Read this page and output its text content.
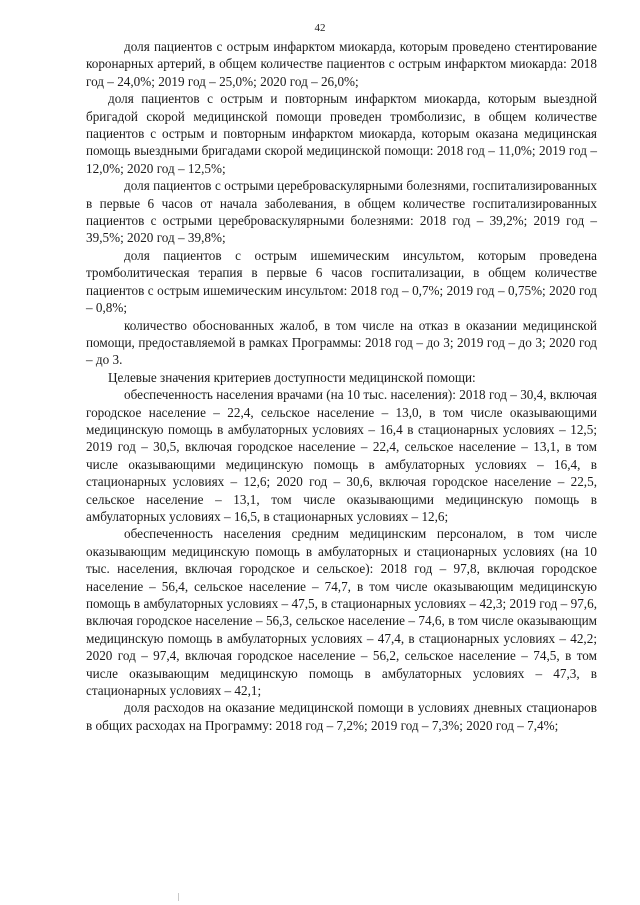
42

доля пациентов с острым инфарктом миокарда, которым проведено стентирование коронарных артерий, в общем количестве пациентов с острым инфарктом миокарда: 2018 год – 24,0%; 2019 год – 25,0%; 2020 год – 26,0%;

доля пациентов с острым и повторным инфарктом миокарда, которым выездной бригадой скорой медицинской помощи проведен тромболизис, в общем количестве пациентов с острым и повторным инфарктом миокарда, которым оказана медицинская помощь выездными бригадами скорой медицинской помощи: 2018 год – 11,0%; 2019 год – 12,0%; 2020 год – 12,5%;

доля пациентов с острыми цереброваскулярными болезнями, госпитализированных в первые 6 часов от начала заболевания, в общем количестве госпитализированных пациентов с острыми цереброваскулярными болезнями: 2018 год – 39,2%; 2019 год – 39,5%; 2020 год – 39,8%;

доля пациентов с острым ишемическим инсультом, которым проведена тромболитическая терапия в первые 6 часов госпитализации, в общем количестве пациентов с острым ишемическим инсультом: 2018 год – 0,7%; 2019 год – 0,75%; 2020 год – 0,8%;

количество обоснованных жалоб, в том числе на отказ в оказании медицинской помощи, предоставляемой в рамках Программы: 2018 год – до 3; 2019 год – до 3; 2020 год – до 3.

Целевые значения критериев доступности медицинской помощи:

обеспеченность населения врачами (на 10 тыс. населения): 2018 год – 30,4, включая городское население – 22,4, сельское население – 13,0, в том числе оказывающими медицинскую помощь в амбулаторных условиях – 16,4 в стационарных условиях – 12,5; 2019 год – 30,5, включая городское население – 22,4, сельское население – 13,1, в том числе оказывающими медицинскую помощь в амбулаторных условиях – 16,4, в стационарных условиях – 12,6; 2020 год – 30,6, включая городское население – 22,5, сельское население – 13,1, том числе оказывающими медицинскую помощь в амбулаторных условиях – 16,5, в стационарных условиях – 12,6;

обеспеченность населения средним медицинским персоналом, в том числе оказывающим медицинскую помощь в амбулаторных и стационарных условиях (на 10 тыс. населения, включая городское и сельское): 2018 год – 97,8, включая городское население – 56,4, сельское население – 74,7, в том числе оказывающим медицинскую помощь в амбулаторных условиях – 47,5, в стационарных условиях – 42,3; 2019 год – 97,6, включая городское население – 56,3, сельское население – 74,6, в том числе оказывающим медицинскую помощь в амбулаторных условиях – 47,4, в стационарных условиях – 42,2; 2020 год – 97,4, включая городское население – 56,2, сельское население – 74,5, в том числе оказывающим медицинскую помощь в амбулаторных условиях – 47,3, в стационарных условиях – 42,1;

доля расходов на оказание медицинской помощи в условиях дневных стационаров в общих расходах на Программу: 2018 год – 7,2%; 2019 год – 7,3%; 2020 год – 7,4%;
